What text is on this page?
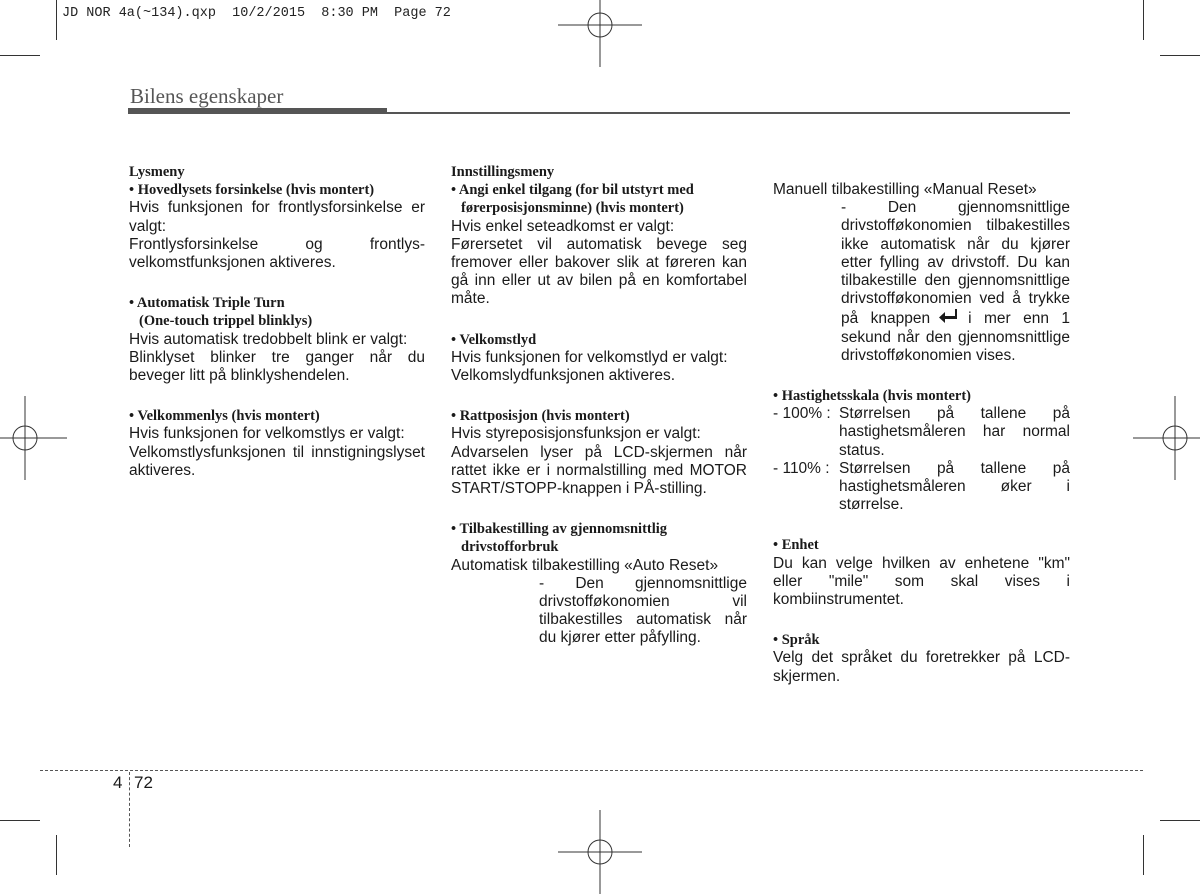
JD NOR 4a(~134).qxp  10/2/2015  8:30 PM  Page 72
Bilens egenskaper
Lysmeny
• Hovedlysets forsinkelse (hvis montert)

Hvis funksjonen for frontlysforsinkelse er valgt:

Frontlysforsinkelse og frontlys-velkomstfunksjonen aktiveres.

• Automatisk Triple Turn
(One-touch trippel blinklys)

Hvis automatisk tredobbelt blink er valgt:

Blinklyset blinker tre ganger når du beveger litt på blinklyshendelen.

• Velkommenlys (hvis montert)

Hvis funksjonen for velkomstlys er valgt:

Velkomstlysfunksjonen til innstigningslyset aktiveres.

Innstillingsmeny
• Angi enkel tilgang (for bil utstyrt med
førerposisjonsminne) (hvis montert)

Hvis enkel seteadkomst er valgt:

Førersetet vil automatisk bevege seg fremover eller bakover slik at føreren kan gå inn eller ut av bilen på en komfortabel måte.

• Velkomstlyd

Hvis funksjonen for velkomstlyd er valgt:

Velkomslydfunksjonen aktiveres.

• Rattposisjon (hvis montert)

Hvis styreposisjonsfunksjon er valgt:

Advarselen lyser på LCD-skjermen når rattet ikke er i normalstilling med MOTOR START/STOPP-knappen i PÅ-stilling.

• Tilbakestilling av gjennomsnittlig
drivstofforbruk

Automatisk tilbakestilling «Auto Reset»

- Den gjennomsnittlige drivstofføkonomien vil tilbakestilles automatisk når du kjører etter påfylling.

Manuell tilbakestilling «Manual Reset»

- Den gjennomsnittlige drivstofføkonomien tilbakestilles ikke automatisk når du kjører etter fylling av drivstoff. Du kan tilbakestille den gjennomsnittlige drivstofføkonomien ved å trykke på knappen i mer enn 1 sekund når den gjennomsnittlige drivstofføkonomien vises.
• Hastighetsskala (hvis montert)
- 100% : Størrelsen på tallene på hastighetsmåleren har normal status.
- 110% : Størrelsen på tallene på hastighetsmåleren øker i størrelse.
• Enhet

Du kan velge hvilken av enhetene "km" eller "mile" som skal vises i kombiinstrumentet.

• Språk

Velg det språket du foretrekker på LCD-skjermen.

4 72
